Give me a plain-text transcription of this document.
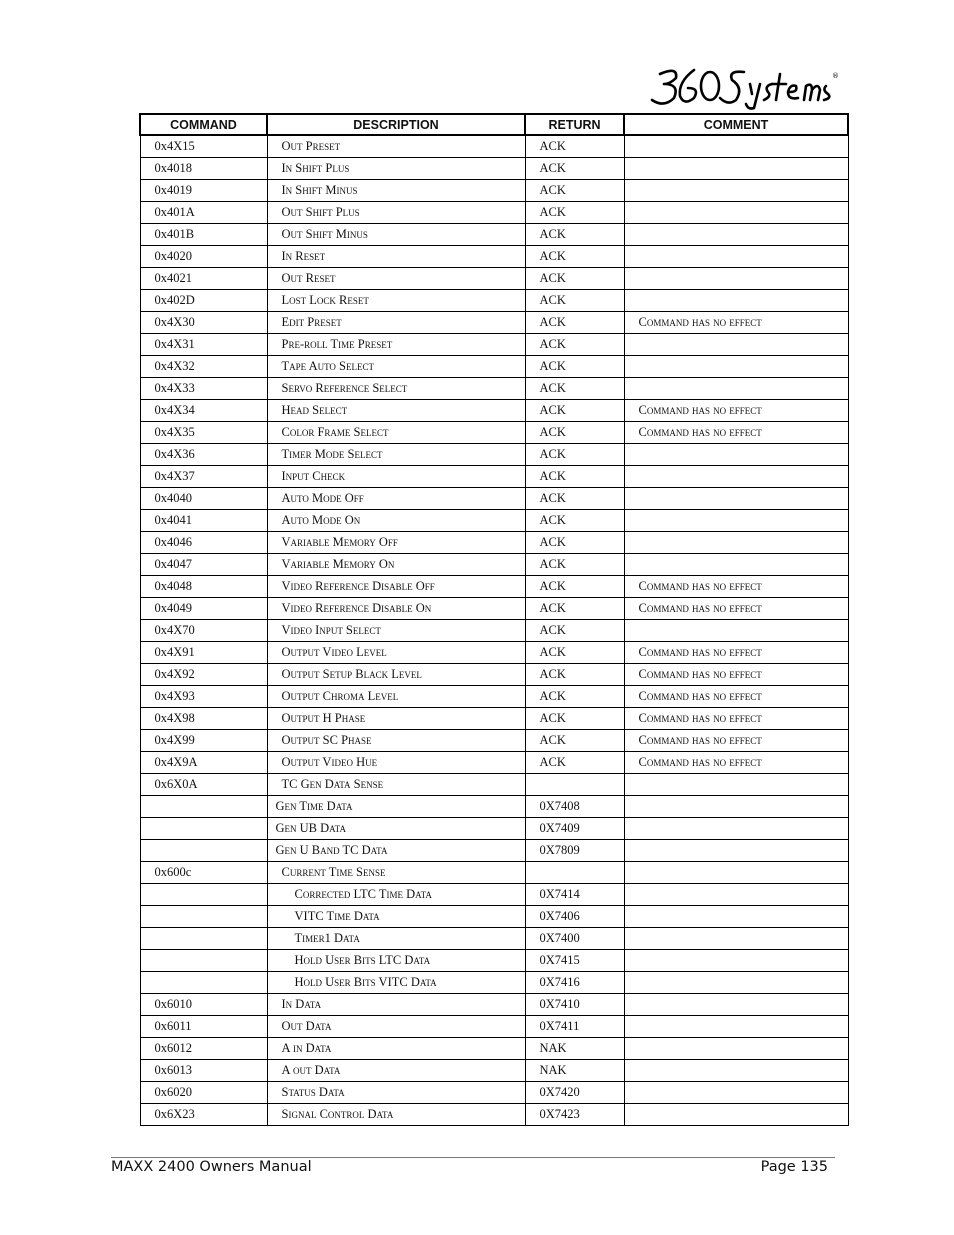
®
COMMAND	DESCRIPTION	RETURN	COMMENT
0x4X15	Out Preset	ACK	
0x4018	In Shift Plus	ACK	
0x4019	In Shift Minus	ACK	
0x401A	Out Shift Plus	ACK	
0x401B	Out Shift Minus	ACK	
0x4020	In Reset	ACK	
0x4021	Out Reset	ACK	
0x402D	Lost Lock Reset	ACK	
0x4X30	Edit Preset	ACK	Command has no effect
0x4X31	Pre-roll Time Preset	ACK	
0x4X32	Tape Auto Select	ACK	
0x4X33	Servo Reference Select	ACK	
0x4X34	Head Select	ACK	Command has no effect
0x4X35	Color Frame Select	ACK	Command has no effect
0x4X36	Timer Mode Select	ACK	
0x4X37	Input Check	ACK	
0x4040	Auto Mode Off	ACK	
0x4041	Auto Mode On	ACK	
0x4046	Variable Memory Off	ACK	
0x4047	Variable Memory On	ACK	
0x4048	Video Reference Disable Off	ACK	Command has no effect
0x4049	Video Reference Disable On	ACK	Command has no effect
0x4X70	Video Input Select	ACK	
0x4X91	Output Video Level	ACK	Command has no effect
0x4X92	Output Setup Black Level	ACK	Command has no effect
0x4X93	Output Chroma Level	ACK	Command has no effect
0x4X98	Output H Phase	ACK	Command has no effect
0x4X99	Output SC Phase	ACK	Command has no effect
0x4X9A	Output Video Hue	ACK	Command has no effect
0x6X0A	TC Gen Data Sense		
	Gen Time Data	0X7408	
	Gen UB Data	0X7409	
	Gen U Band TC Data	0X7809	
0x600c	Current Time Sense		
	Corrected LTC Time Data	0X7414	
	VITC Time Data	0X7406	
	Timer1 Data	0X7400	
	Hold User Bits LTC Data	0X7415	
	Hold User Bits VITC Data	0X7416	
0x6010	In Data	0X7410	
0x6011	Out Data	0X7411	
0x6012	A in Data	NAK	
0x6013	A out Data	NAK	
0x6020	Status Data	0X7420	
0x6X23	Signal Control Data	0X7423	
MAXX 2400 Owners Manual	Page 135
